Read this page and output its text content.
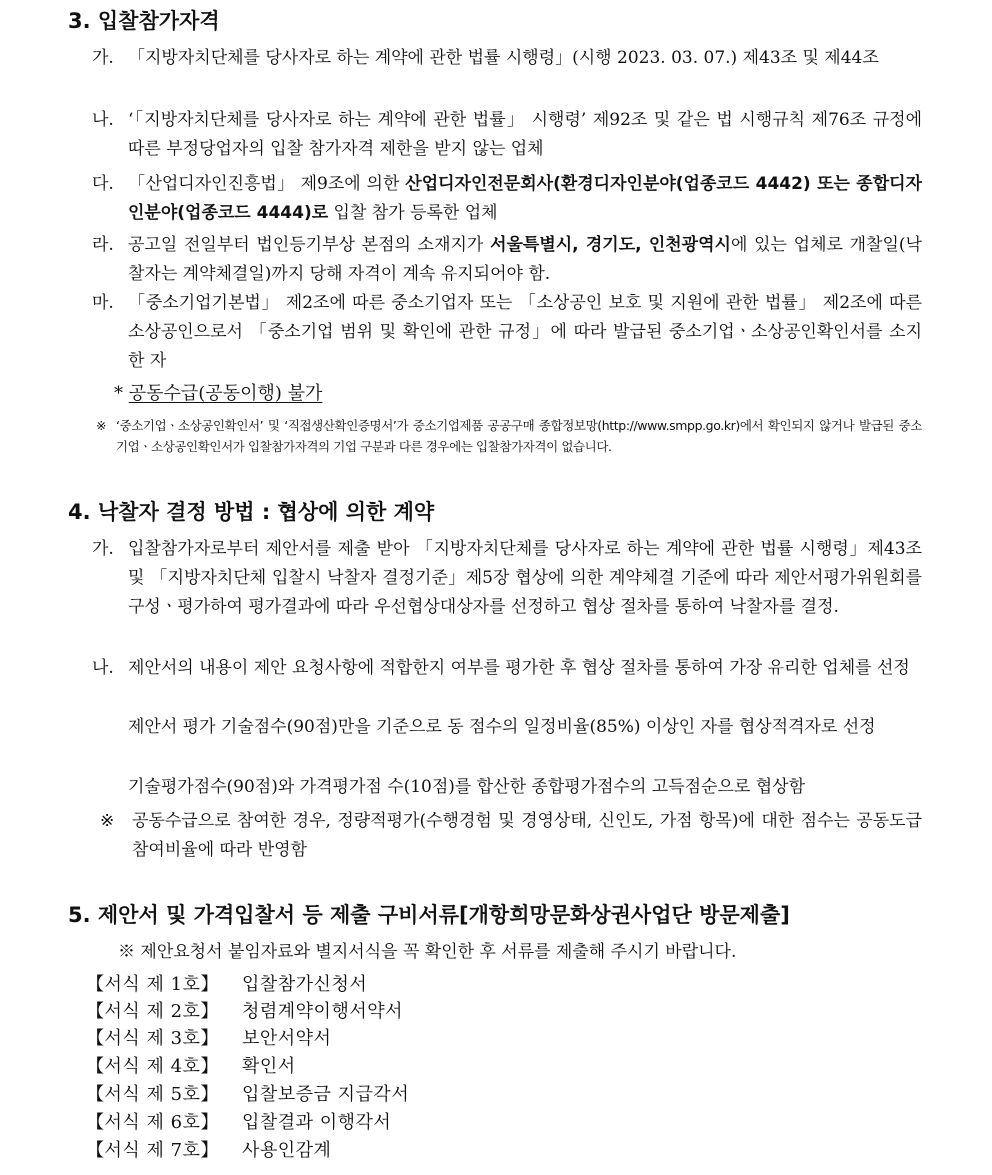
3. 입찰참가자격
가. 「지방자치단체를 당사자로 하는 계약에 관한 법률 시행령」(시행 2023. 03. 07.) 제43조 및 제44조
나. ‘「지방자치단체를 당사자로 하는 계약에 관한 법률」 시행령’ 제92조 및 같은 법 시행규칙 제76조 규정에 따른 부정당업자의 입찰 참가자격 제한을 받지 않는 업체
다. 「산업디자인진흥법」 제9조에 의한 산업디자인전문회사(환경디자인분야(업종코드 4442) 또는 종합디자인분야(업종코드 4444)로 입찰 참가 등록한 업체
라. 공고일 전일부터 법인등기부상 본점의 소재지가 서울특별시, 경기도, 인천광역시에 있는 업체로 개찰일(낙찰자는 계약체결일)까지 당해 자격이 계속 유지되어야 함.
마. 「중소기업기본법」 제2조에 따른 중소기업자 또는 「소상공인 보호 및 지원에 관한 법률」 제2조에 따른 소상공인으로서 「중소기업 범위 및 확인에 관한 규정」에 따라 발급된 중소기업ㆍ소상공인확인서를 소지한 자
* 공동수급(공동이행) 불가
※ ‘중소기업ㆍ소상공인확인서’ 및 ‘직접생산확인증명서’가 중소기업제품 공공구매 종합정보망(http://www.smpp.go.kr)에서 확인되지 않거나 발급된 중소기업ㆍ소상공인확인서가 입찰참가자격의 기업 구분과 다른 경우에는 입찰참가자격이 없습니다.
4. 낙찰자 결정 방법 : 협상에 의한 계약
가. 입찰참가자로부터 제안서를 제출 받아 「지방자치단체를 당사자로 하는 계약에 관한 법률 시행령」제43조 및 「지방자치단체 입찰시 낙찰자 결정기준」제5장 협상에 의한 계약체결 기준에 따라 제안서평가위원회를 구성ㆍ평가하여 평가결과에 따라 우선협상대상자를 선정하고 협상 절차를 통하여 낙찰자를 결정.
나. 제안서의 내용이 제안 요청사항에 적합한지 여부를 평가한 후 협상 절차를 통하여 가장 유리한 업체를 선정
제안서 평가 기술점수(90점)만을 기준으로 동 점수의 일정비율(85%) 이상인 자를 협상적격자로 선정
기술평가점수(90점)와 가격평가점 수(10점)를 합산한 종합평가점수의 고득점순으로 협상함
※ 공동수급으로 참여한 경우, 정량적평가(수행경험 및 경영상태, 신인도, 가점 항목)에 대한 점수는 공동도급 참여비율에 따라 반영함
5. 제안서 및 가격입찰서 등 제출 구비서류[개항희망문화상권사업단 방문제출]
※ 제안요청서 붙임자료와 별지서식을 꼭 확인한 후 서류를 제출해 주시기 바랍니다.
【서식 제 1호】 입찰참가신청서
【서식 제 2호】 청렴계약이행서약서
【서식 제 3호】 보안서약서
【서식 제 4호】 확인서
【서식 제 5호】 입찰보증금 지급각서
【서식 제 6호】 입찰결과 이행각서
【서식 제 7호】 사용인감계
